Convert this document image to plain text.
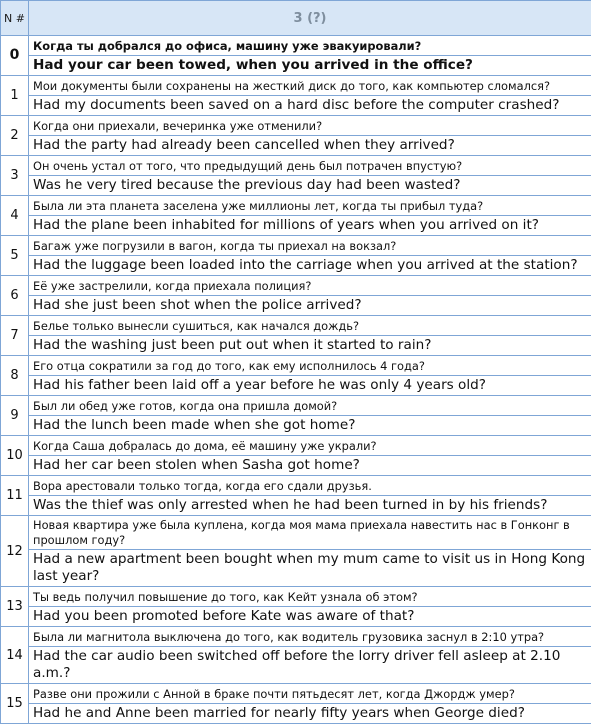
N #	3 (?)
0	Когда ты добрался до офиса, машину уже эвакуировали?
	Had your car been towed, when you arrived in the office?
1	Мои документы были сохранены на жесткий диск до того, как компьютер сломался?
	Had my documents been saved on a hard disc before the computer crashed?
2	Когда они приехали, вечеринка уже отменили?
	Had the party had already been cancelled when they arrived?
3	Он очень устал от того, что предыдущий день был потрачен впустую?
	Was he very tired because the previous day had been wasted?
4	Была ли эта планета заселена уже миллионы лет, когда ты прибыл туда?
	Had the plane been inhabited for millions of years when you arrived on it?
5	Багаж уже погрузили в вагон, когда ты приехал на вокзал?
	Had the luggage been loaded into the carriage when you arrived at the station?
6	Её уже застрелили, когда приехала полиция?
	Had she just been shot when the police arrived?
7	Белье только вынесли сушиться, как начался дождь?
	Had the washing just been put out when it started to rain?
8	Его отца сократили за год до того, как ему исполнилось 4 года?
	Had his father been laid off a year before he was only 4 years old?
9	Был ли обед уже готов, когда она пришла домой?
	Had the lunch been made when she got home?
10	Когда Саша добралась до дома, её машину уже украли?
	Had her car been stolen when Sasha got home?
11	Вора арестовали только тогда, когда его сдали друзья.
	Was the thief was only arrested when he had been turned in by his friends?
12	Новая квартира уже была куплена, когда моя мама приехала навестить нас в Гонконг в прошлом году?
	Had a new apartment been bought when my mum came to visit us in Hong Kong last year?
13	Ты ведь получил повышение до того, как Кейт узнала об этом?
	Had you been promoted before Kate was aware of that?
14	Была ли магнитола выключена до того, как водитель грузовика заснул в 2:10 утра?
	Had the car audio been switched off before the lorry driver fell asleep at 2.10 a.m.?
15	Разве они прожили с Анной в браке почти пятьдесят лет, когда Джордж умер?
	Had he and Anne been married for nearly fifty years when George died?
